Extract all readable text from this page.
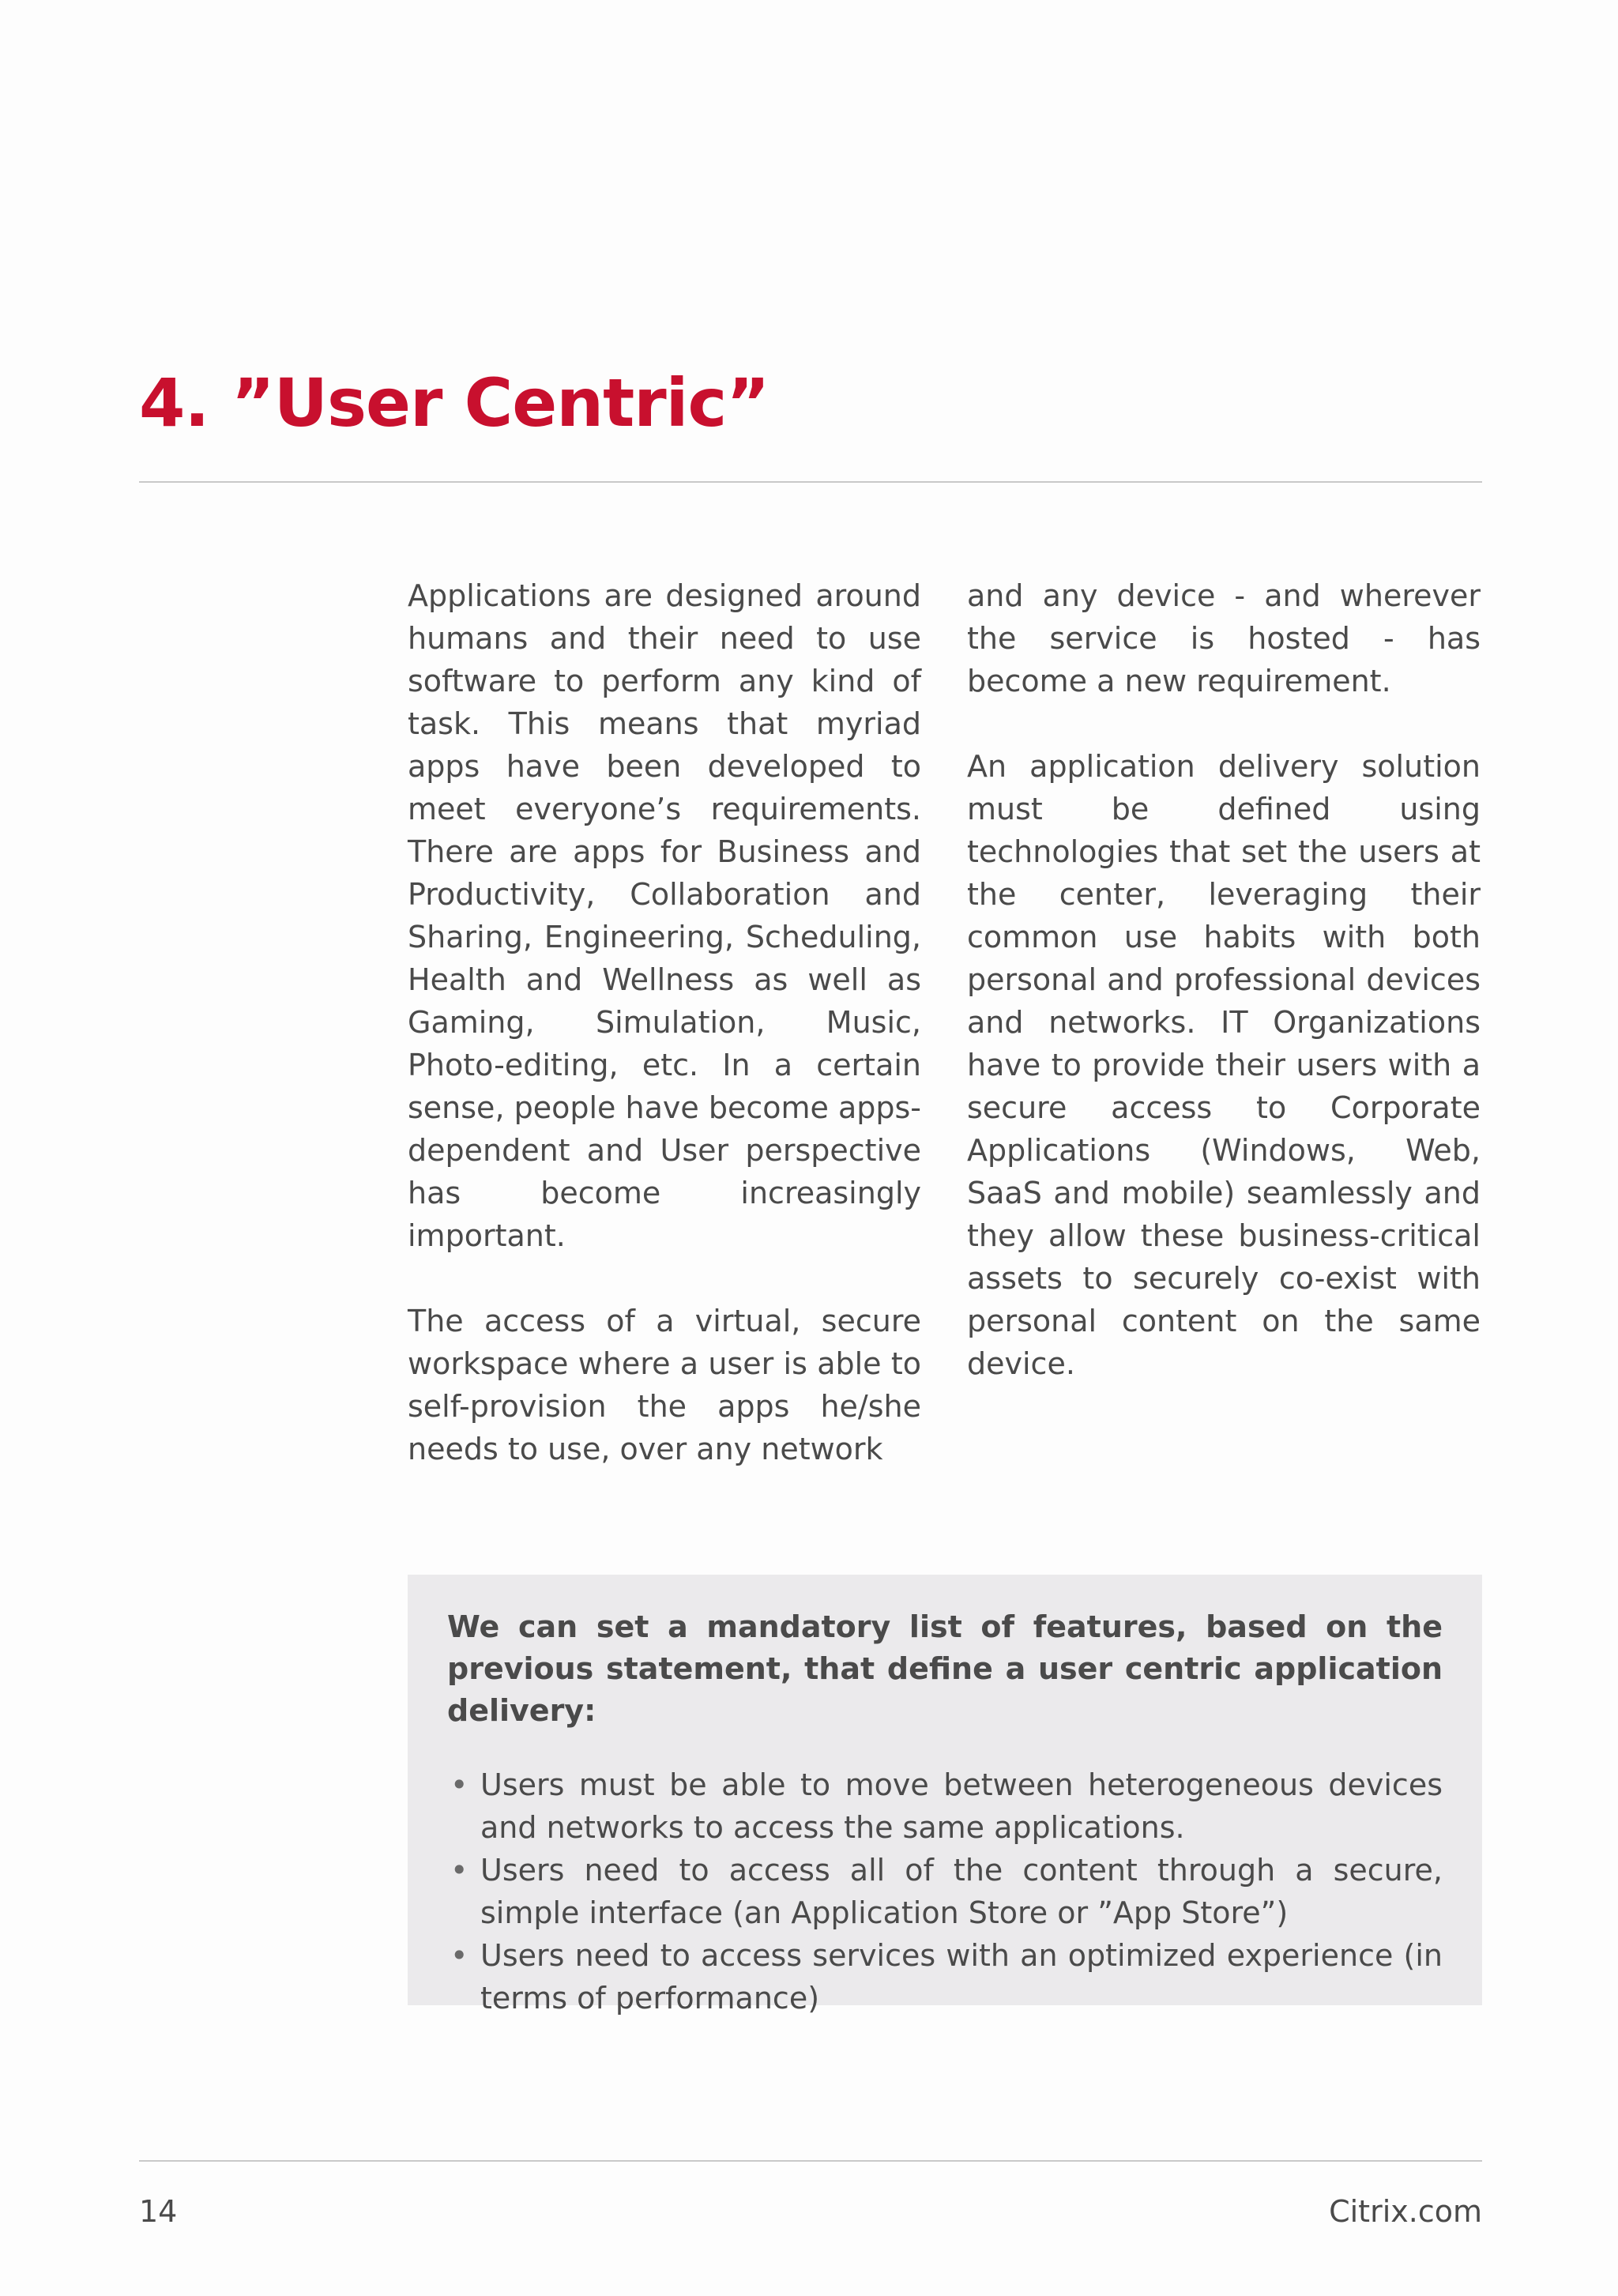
4. ”User Centric”

Applications are designed around humans and their need to use software to perform any kind of task. This means that myriad apps have been developed to meet everyone’s requirements. There are apps for Business and Productivity, Collaboration and Sharing, Engineering, Scheduling, Health and Wellness as well as Gaming, Simulation, Music, Photo-editing, etc. In a certain sense, people have become apps-dependent and User perspective has become increasingly important.

The access of a virtual, secure workspace where a user is able to self-provision the apps he/she needs to use, over any network

and any device - and wherever the service is hosted - has become a new requirement.

An application delivery solution must be defined using technologies that set the users at the center, leveraging their common use habits with both personal and professional devices and networks. IT Organizations have to provide their users with a secure access to Corporate Applications (Windows, Web, SaaS and mobile) seamlessly and they allow these business-critical assets to securely co-exist with personal content on the same device.

We can set a mandatory list of features, based on the previous statement, that define a user centric application delivery:

• Users must be able to move between heterogeneous devices and networks to access the same applications.
• Users need to access all of the content through a secure, simple interface (an Application Store or ”App Store”)
• Users need to access services with an optimized experience (in terms of performance)
14	Citrix.com
